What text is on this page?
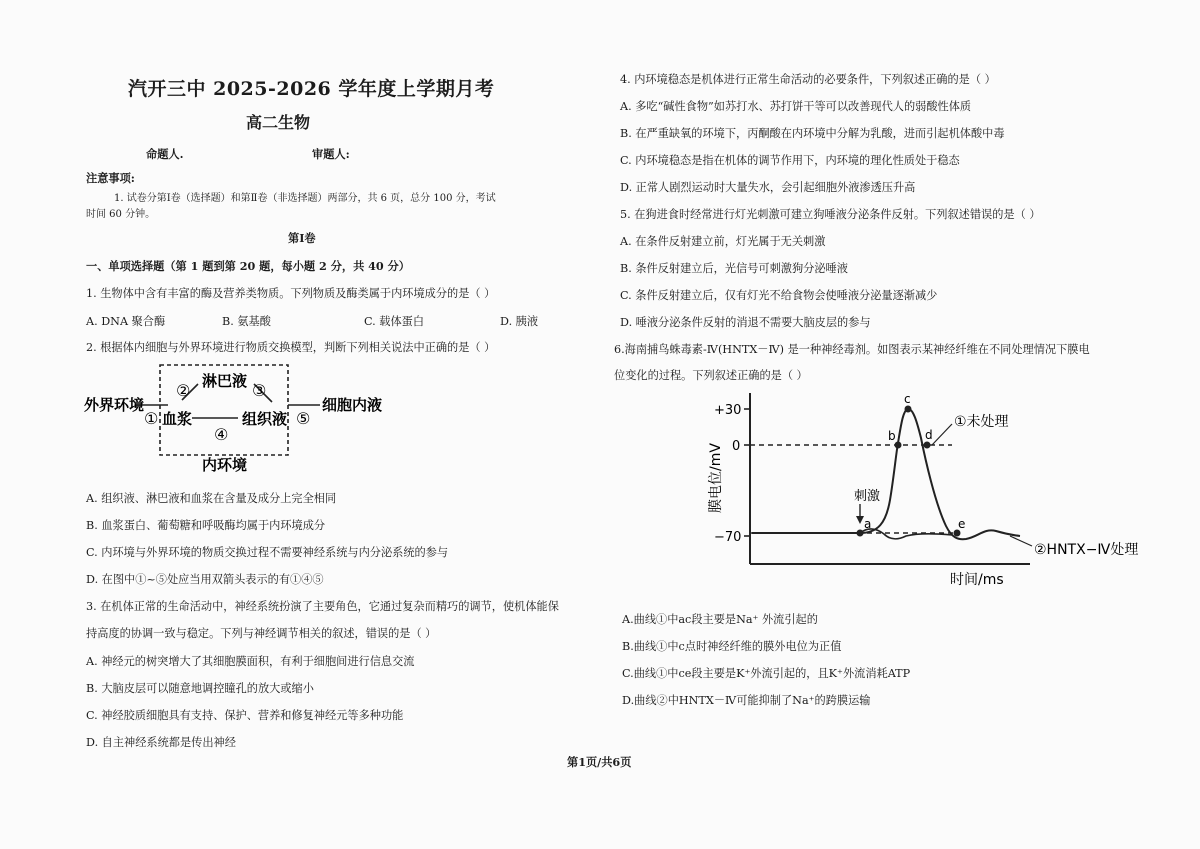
汽开三中 2025-2026 学年度上学期月考
高二生物
命题人.	审题人:
注意事项:
1. 试卷分第Ⅰ卷（选择题）和第Ⅱ卷（非选择题）两部分，共 6 页，总分 100 分，考试
时间 60 分钟。
第Ⅰ卷
一、单项选择题（第 1 题到第 20 题，每小题 2 分，共 40 分）
1. 生物体中含有丰富的酶及营养类物质。下列物质及酶类属于内环境成分的是（ ）
A. DNA 聚合酶	B. 氨基酸	C. 载体蛋白	D. 胰液
2. 根据体内细胞与外界环境进行物质交换模型，判断下列相关说法中正确的是（ ）
外界环境
①
② 淋巴液 ③
血浆	组织液
④
⑤
细胞内液
内环境
A. 组织液、淋巴液和血浆在含量及成分上完全相同
B. 血浆蛋白、葡萄糖和呼吸酶均属于内环境成分
C. 内环境与外界环境的物质交换过程不需要神经系统与内分泌系统的参与
D. 在图中①~⑤处应当用双箭头表示的有①④⑤
3. 在机体正常的生命活动中，神经系统扮演了主要角色，它通过复杂而精巧的调节，使机体能保
持高度的协调一致与稳定。下列与神经调节相关的叙述，错误的是（ ）
A. 神经元的树突增大了其细胞膜面积，有利于细胞间进行信息交流
B. 大脑皮层可以随意地调控瞳孔的放大或缩小
C. 神经胶质细胞具有支持、保护、营养和修复神经元等多种功能
D. 自主神经系统都是传出神经
4. 内环境稳态是机体进行正常生命活动的必要条件，下列叙述正确的是（ ）
A. 多吃“碱性食物”如苏打水、苏打饼干等可以改善现代人的弱酸性体质
B. 在严重缺氧的环境下，丙酮酸在内环境中分解为乳酸，进而引起机体酸中毒
C. 内环境稳态是指在机体的调节作用下，内环境的理化性质处于稳态
D. 正常人剧烈运动时大量失水，会引起细胞外液渗透压升高
5. 在狗进食时经常进行灯光刺激可建立狗唾液分泌条件反射。下列叙述错误的是（ ）
A. 在条件反射建立前，灯光属于无关刺激
B. 条件反射建立后，光信号可刺激狗分泌唾液
C. 条件反射建立后，仅有灯光不给食物会使唾液分泌量逐渐减少
D. 唾液分泌条件反射的消退不需要大脑皮层的参与
6.海南捕鸟蛛毒素-Ⅳ(HNTX－Ⅳ) 是一种神经毒剂。如图表示某神经纤维在不同处理情况下膜电
位变化的过程。下列叙述正确的是（ ）
+30
0
−70
刺激
a
b
c
d
e
①未处理
②HNTX−Ⅳ处理
时间/ms
膜电位/mV
A.曲线①中ac段主要是Na⁺ 外流引起的
B.曲线①中c点时神经纤维的膜外电位为正值
C.曲线①中ce段主要是K⁺外流引起的，且K⁺外流消耗ATP
D.曲线②中HNTX－Ⅳ可能抑制了Na⁺的跨膜运输
第1页/共6页
